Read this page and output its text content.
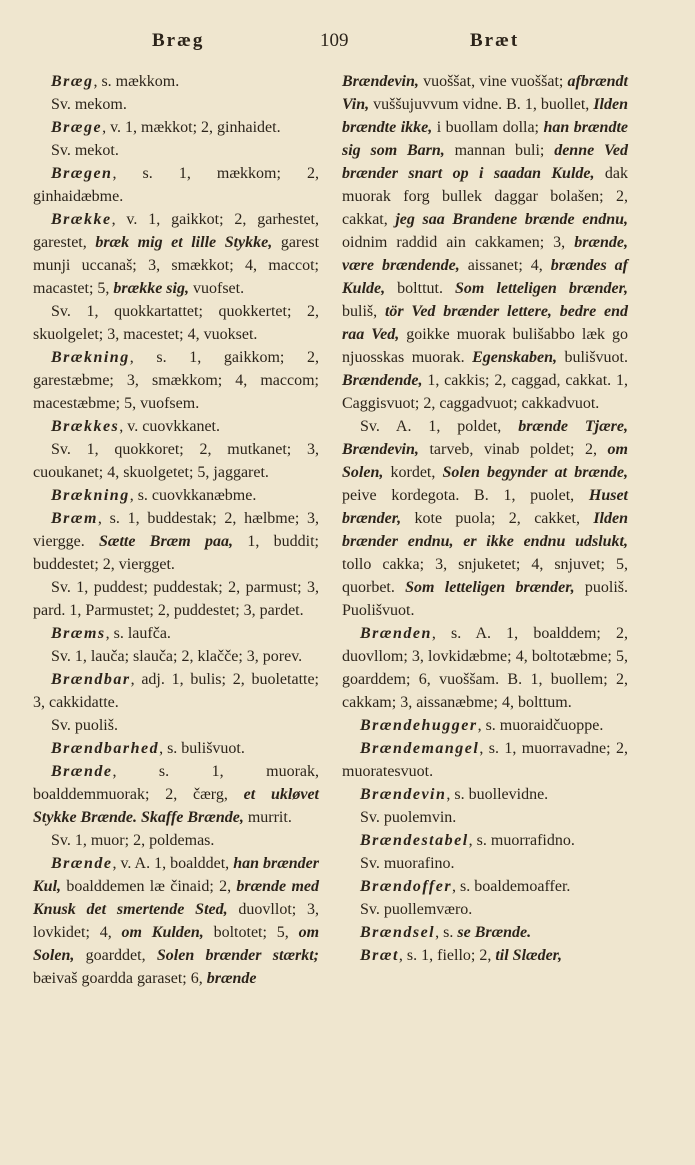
Bræg	109	Bræt

Bræg, s. mækkom.

Sv. mekom.

Bræge, v. 1, mækkot; 2, ginhaidet.

Sv. mekot.

Brægen, s. 1, mækkom; 2, ginhaidæbme.

Brække, v. 1, gaikkot; 2, garhestet, garestet, bræk mig et lille Stykke, garest munji uccanaš; 3, smækkot; 4, maccot; macastet; 5, brække sig, vuofset.

Sv. 1, quokkartattet; quokkertet; 2, skuolgelet; 3, macestet; 4, vuokset.

Brækning, s. 1, gaikkom; 2, garestæbme; 3, smækkom; 4, maccom; macestæbme; 5, vuofsem.

Brækkes, v. cuovkkanet.

Sv. 1, quokkoret; 2, mutkanet; 3, cuoukanet; 4, skuolgetet; 5, jaggaret.

Brækning, s. cuovkkanæbme.

Bræm, s. 1, buddestak; 2, hælbme; 3, viergge. Sætte Bræm paa, 1, buddit; buddestet; 2, viergget.

Sv. 1, puddest; puddestak; 2, parmust; 3, pard. 1, Parmustet; 2, puddestet; 3, pardet.

Bræms, s. laufča.

Sv. 1, lauča; slauča; 2, klačče; 3, porev.

Brændbar, adj. 1, bulis; 2, buoletatte; 3, cakkidatte.

Sv. puoliš.

Brændbarhed, s. bulišvuot.

Brænde, s. 1, muorak, boalddemmuorak; 2, čærg, et ukløvet Stykke Brænde. Skaffe Brænde, murrit.

Sv. 1, muor; 2, poldemas.

Brænde, v. A. 1, boalddet, han brænder Kul, boalddemen læ činaid; 2, brænde med Knusk det smertende Sted, duovllot; 3, lovkidet; 4, om Kulden, boltotet; 5, om Solen, goarddet, Solen brænder stærkt; bæivaš goardda garaset; 6, brænde

Brændevin, vuoššat, vine vuoššat; afbrændt Vin, vuššujuvvum vidne. B. 1, buollet, Ilden brændte ikke, i buollam dolla; han brændte sig som Barn, mannan buli; denne Ved brænder snart op i saadan Kulde, dak muorak forg bullek daggar bolašen; 2, cakkat, jeg saa Brandene brænde endnu, oidnim raddid ain cakkamen; 3, brænde, være brændende, aissanet; 4, brændes af Kulde, bolttut. Som letteligen brænder, buliš, tör Ved brænder lettere, bedre end raa Ved, goikke muorak bulišabbo læk go njuosskas muorak. Egenskaben, bulišvuot. Brændende, 1, cakkis; 2, caggad, cakkat. 1, Caggisvuot; 2, caggadvuot; cakkadvuot.

Sv. A. 1, poldet, brænde Tjære, Brændevin, tarveb, vinab poldet; 2, om Solen, kordet, Solen begynder at brænde, peive kordegota. B. 1, puolet, Huset brænder, kote puola; 2, cakket, Ilden brænder endnu, er ikke endnu udslukt, tollo cakka; 3, snjuketet; 4, snjuvet; 5, quorbet. Som letteligen brænder, puoliš. Puolišvuot.

Brænden, s. A. 1, boalddem; 2, duovllom; 3, lovkidæbme; 4, boltotæbme; 5, goarddem; 6, vuoššam. B. 1, buollem; 2, cakkam; 3, aissanæbme; 4, bolttum.

Brændehugger, s. muoraidčuoppe.

Brændemangel, s. 1, muorravadne; 2, muoratesvuot.

Brændevin, s. buollevidne.

Sv. puolemvin.

Brændestabel, s. muorrafidno.

Sv. muorafino.

Brændoffer, s. boaldemoaffer.

Sv. puollemværo.

Brændsel, s. se Brænde.

Bræt, s. 1, fiello; 2, til Slæder,
